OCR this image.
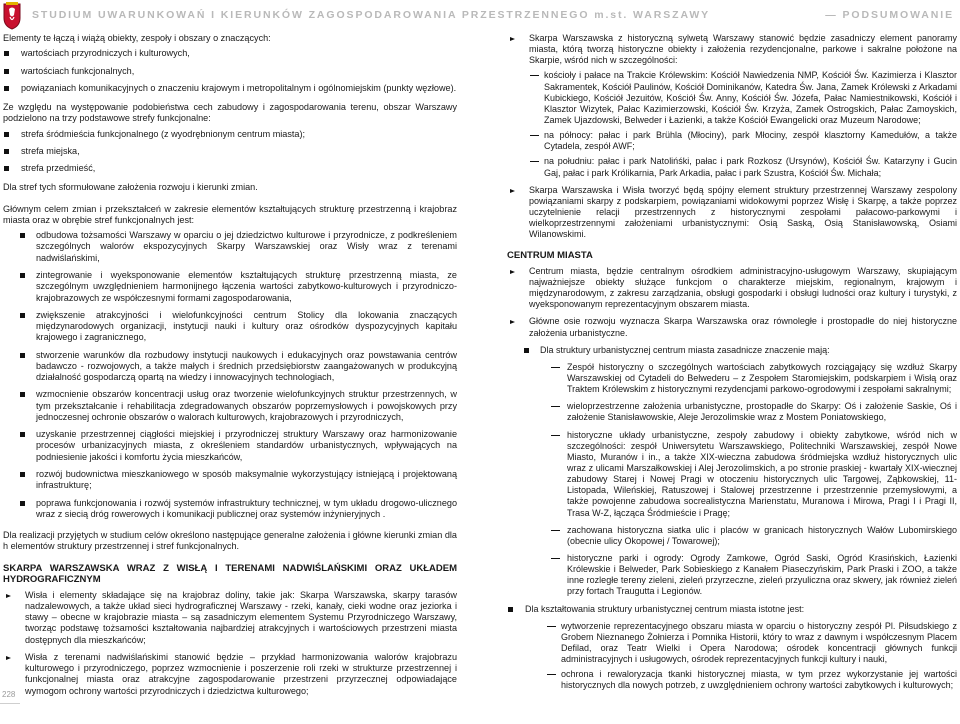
STUDIUM UWARUNKOWAŃ I KIERUNKÓW ZAGOSPODAROWANIA PRZESTRZENNEGO m.st. WARSZAWY	— PODSUMOWANIE

Elementy te łączą i wiążą obiekty, zespoły i obszary o znaczących:

wartościach przyrodniczych i kulturowych,
wartościach funkcjonalnych,
powiązaniach komunikacyjnych o znaczeniu krajowym i metropolitalnym i ogólnomiejskim (punkty węzłowe).

Ze względu na występowanie podobieństwa cech zabudowy i zagospodarowania terenu, obszar Warszawy podzielono na trzy podstawowe strefy funkcjonalne:

strefa śródmieścia funkcjonalnego (z wyodrębnionym centrum miasta);
strefa miejska,
strefa przedmieść,

Dla stref tych sformułowane założenia rozwoju i kierunki zmian.

Głównym celem zmian i przekształceń w zakresie elementów kształtujących strukturę przestrzenną i krajobraz miasta oraz w obrębie stref funkcjonalnych jest:

odbudowa tożsamości Warszawy w oparciu o jej dziedzictwo kulturowe i przyrodnicze, z podkreśleniem szczególnych walorów ekspozycyjnych Skarpy Warszawskiej oraz Wisły wraz z terenami nadwiślańskimi,
zintegrowanie i wyeksponowanie elementów kształtujących strukturę przestrzenną miasta, ze szczególnym uwzględnieniem harmonijnego łączenia wartości zabytkowo-kulturowych i przyrodniczo-krajobrazowych ze współczesnymi formami zagospodarowania,
zwiększenie atrakcyjności i wielofunkcyjności centrum Stolicy dla lokowania znaczących międzynarodowych organizacji, instytucji nauki i kultury oraz ośrodków dyspozycyjnych kapitału krajowego i zagranicznego,
stworzenie warunków dla rozbudowy instytucji naukowych i edukacyjnych oraz powstawania centrów badawczo - rozwojowych, a także małych i średnich przedsiębiorstw zaangażowanych w produkcyjną działalność gospodarczą opartą na wiedzy i innowacyjnych technologiach,
wzmocnienie obszarów koncentracji usług oraz tworzenie wielofunkcyjnych struktur przestrzennych, w tym przekształcanie i rehabilitacja zdegradowanych obszarów poprzemysłowych i powojskowych przy jednoczesnej ochronie obszarów o walorach kulturowych, krajobrazowych i przyrodniczych,
uzyskanie przestrzennej ciągłości miejskiej i przyrodniczej struktury Warszawy oraz harmonizowanie procesów urbanizacyjnych miasta, z określeniem standardów urbanistycznych, wpływających na podniesienie jakości i komfortu życia mieszkańców,
rozwój budownictwa mieszkaniowego w sposób maksymalnie wykorzystujący istniejącą i projektowaną infrastrukturę;
poprawa funkcjonowania i rozwój systemów infrastruktury technicznej, w tym układu drogowo-ulicznego wraz z siecią dróg rowerowych i komunikacji publicznej oraz systemów inżynieryjnych .

Dla realizacji przyjętych w studium celów określono następujące generalne założenia i główne kierunki zmian dla h elementów struktury przestrzennej i stref funkcjonalnych.

SKARPA WARSZAWSKA WRAZ Z WISŁĄ I TERENAMI NADWIŚLAŃSKIMI ORAZ UKŁADEM HYDROGRAFICZNYM
Wisła i elementy składające się na krajobraz doliny, takie jak: Skarpa Warszawska, skarpy tarasów nadzalewowych, a także układ sieci hydrograficznej Warszawy - rzeki, kanały, cieki wodne oraz jeziorka i stawy – obecne w krajobrazie miasta – są zasadniczym elementem Systemu Przyrodniczego Warszawy, tworząc podstawę tożsamości kształtowania najbardziej atrakcyjnych i wartościowych przestrzeni miasta dostępnych dla mieszkańców;
Wisła z terenami nadwiślańskimi stanowić będzie – przykład harmonizowania walorów krajobrazu kulturowego i przyrodniczego, poprzez wzmocnienie i poszerzenie roli rzeki w strukturze przestrzennej i funkcjonalnej miasta oraz atrakcyjne zagospodarowanie przestrzeni przyrzecznej odpowiadające wymogom ochrony wartości przyrodniczych i dziedzictwa kulturowego;
Skarpa Warszawska z historyczną sylwetą Warszawy stanowić będzie zasadniczy element panoramy miasta, którą tworzą historyczne obiekty i założenia rezydencjonalne, parkowe i sakralne położone na Skarpie, wśród nich w szczególności:
kościoły i pałace na Trakcie Królewskim: Kościół Nawiedzenia NMP, Kościół Św. Kazimierza i Klasztor Sakramentek, Kościół Paulinów, Kościół Dominikanów, Katedra Św. Jana, Zamek Królewski z Arkadami Kubickiego, Kościół Jezuitów, Kościół Św. Anny, Kościół Św. Józefa, Pałac Namiestnikowski, Kościół i Klasztor Wizytek, Pałac Kazimierzowski, Kościół Św. Krzyża, Zamek Ostrogskich, Pałac Zamoyskich, Zamek Ujazdowski, Belweder i Łazienki, a także Kościół Ewangelicki oraz Muzeum Narodowe;
na północy: pałac i park Brühla (Młociny), park Młociny, zespół klasztorny Kamedułów, a także Cytadela, zespół AWF;
na południu: pałac i park Natolińśki, pałac i park Rozkosz (Ursynów), Kościół Św. Katarzyny i Gucin Gaj, pałac i park Królikarnia, Park Arkadia, pałac i park Szustra, Kościół Św. Michała;
Skarpa Warszawska i Wisła tworzyć będą spójny element struktury przestrzennej Warszawy zespolony powiązaniami skarpy z podskarpiem, powiązaniami widokowymi poprzez Wisłę i Skarpę, a także poprzez uczytelnienie relacji przestrzennych z historycznymi zespołami pałacowo-parkowymi i wielkoprzestrzennymi założeniami urbanistycznymi: Osią Saską, Osią Stanisławowską, Osiami Wilanowskimi.
CENTRUM MIASTA
Centrum miasta, będzie centralnym ośrodkiem administracyjno-usługowym Warszawy, skupiającym najważniejsze obiekty służące funkcjom o charakterze miejskim, regionalnym, krajowym i międzynarodowym, z zakresu zarządzania, obsługi gospodarki i obsługi ludności oraz kultury i turystyki, z wyeksponowanym reprezentacyjnym obszarem miasta.
Główne osie rozwoju wyznacza Skarpa Warszawska oraz równoległe i prostopadłe do niej historyczne założenia urbanistyczne.
Dla struktury urbanistycznej centrum miasta zasadnicze znaczenie mają:
Zespół historyczny o szczególnych wartościach zabytkowych rozciągający się wzdłuż Skarpy Warszawskiej od Cytadeli do Belwederu – z Zespołem Staromiejskim, podskarpiem i Wisłą oraz Traktem Królewskim z historycznymi rezydencjami parkowo-ogrodowymi i zespołami sakralnymi;
wieloprzestrzenne założenia urbanistyczne, prostopadłe do Skarpy: Oś i założenie Saskie, Oś i założenie Stanisławowskie, Aleje Jerozolimskie wraz z Mostem Poniatowskiego,
historyczne układy urbanistyczne, zespoły zabudowy i obiekty zabytkowe, wśród nich w szczególności: zespół Uniwersytetu Warszawskiego, Politechniki Warszawskiej, zespół Nowe Miasto, Muranów i in., a także XIX-wieczna zabudowa śródmiejska wzdłuż historycznych ulic wraz z ulicami Marszałkowskiej i Alej Jerozolimskich, a po stronie praskiej - kwartały XIX-wiecznej zabudowy Starej i Nowej Pragi w otoczeniu historycznych ulic Targowej, Ząbkowskiej, 11-Listopada, Wileńskiej, Ratuszowej i Stalowej przestrzenne i przestrzennie przemysłowymi, a także powojenne zabudowa socrealistyczna Marienstatu, Muranowa i Mirowa, Pragi I i Pragi II, Trasa W-Z, łącząca Śródmieście i Pragę;
zachowana historyczna siatka ulic i placów w granicach historycznych Wałów Lubomirskiego (obecnie ulicy Okopowej / Towarowej);
historyczne parki i ogrody: Ogrody Zamkowe, Ogród Saski, Ogród Krasińskich, Łazienki Królewskie i Belweder, Park Sobieskiego z Kanałem Piaseczyńskim, Park Praski i ZOO, a także inne rozległe tereny zieleni, zieleń przyrzeczne, zieleń przyuliczna oraz skwery, jak również zieleń przy fortach Traugutta i Legionów.
Dla kształtowania struktury urbanistycznej centrum miasta istotne jest:
wytworzenie reprezentacyjnego obszaru miasta w oparciu o historyczny zespół Pl. Piłsudskiego z Grobem Nieznanego Żołnierza i Pomnika Historii, który to wraz z dawnym i współczesnym Placem Defilad, oraz Teatr Wielki i Opera Narodowa; ośrodek koncentracji głównych funkcji administracyjnych i usługowych, ośrodek reprezentacyjnych funkcji kultury i nauki,
ochrona i rewaloryzacja tkanki historycznej miasta, w tym przez wykorzystanie jej wartości historycznych dla nowych potrzeb, z uwzględnieniem ochrony wartości zabytkowych i kulturowych;
228
